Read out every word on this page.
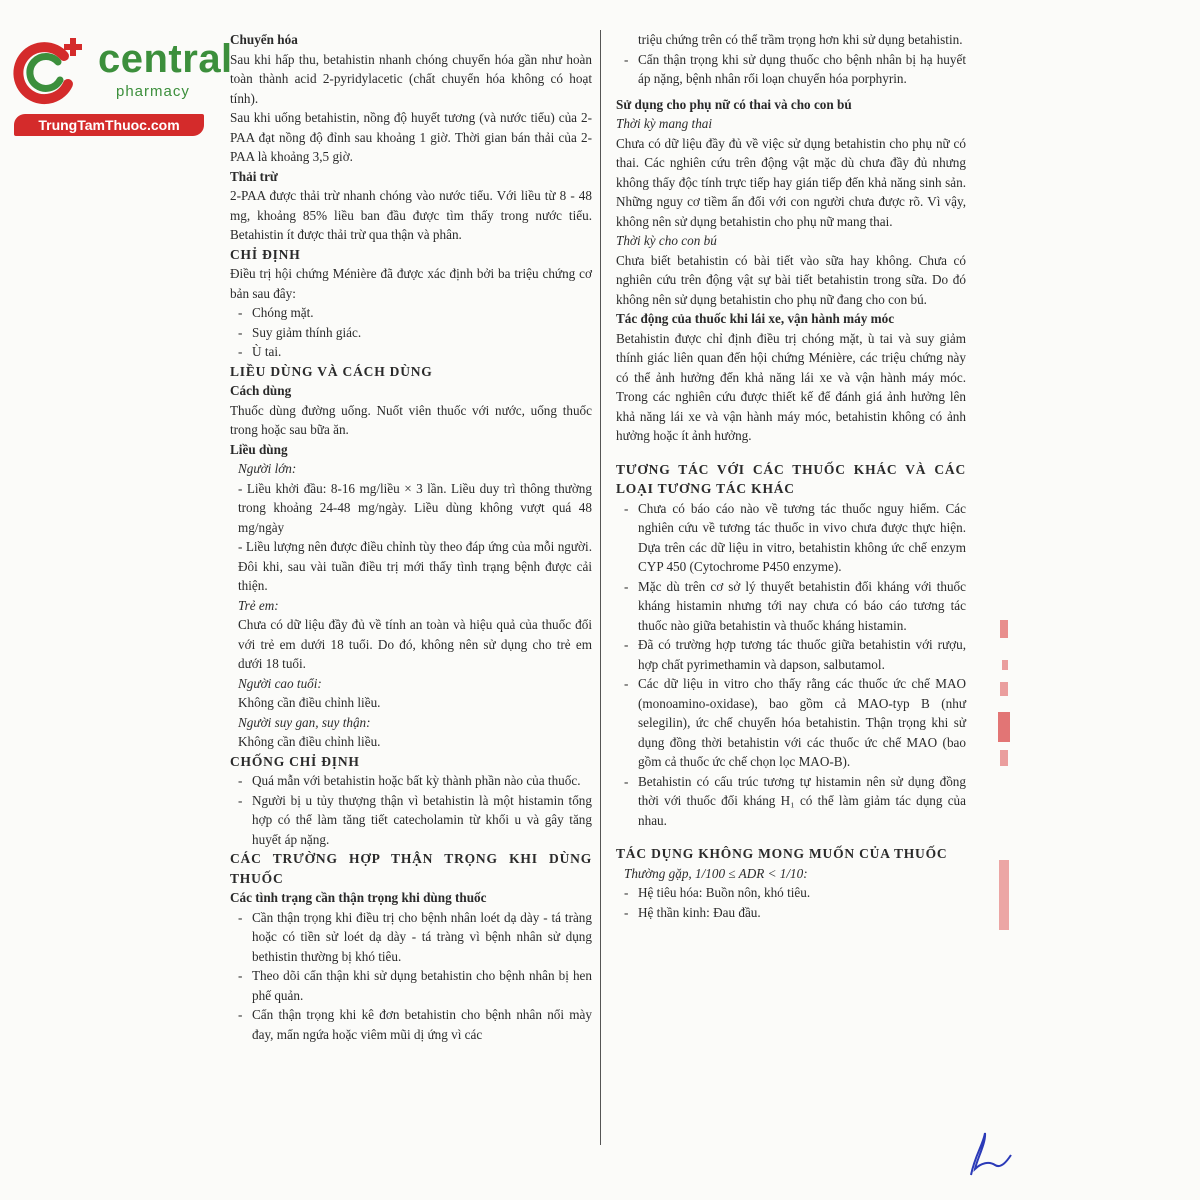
central
pharmacy
TrungTamThuoc.com

Chuyển hóa

Sau khi hấp thu, betahistin nhanh chóng chuyển hóa gần như hoàn toàn thành acid 2-pyridylacetic (chất chuyển hóa không có hoạt tính).

Sau khi uống betahistin, nồng độ huyết tương (và nước tiểu) của 2-PAA đạt nồng độ đỉnh sau khoảng 1 giờ. Thời gian bán thải của 2-PAA là khoảng 3,5 giờ.

Thải trừ

2-PAA được thải trừ nhanh chóng vào nước tiểu. Với liều từ 8 - 48 mg, khoảng 85% liều ban đầu được tìm thấy trong nước tiểu. Betahistin ít được thải trừ qua thận và phân.

CHỈ ĐỊNH

Điều trị hội chứng Ménière đã được xác định bởi ba triệu chứng cơ bản sau đây:

- Chóng mặt.
- Suy giảm thính giác.
- Ù tai.

LIỀU DÙNG VÀ CÁCH DÙNG

Cách dùng

Thuốc dùng đường uống. Nuốt viên thuốc với nước, uống thuốc trong hoặc sau bữa ăn.

Liều dùng

Người lớn:

- Liều khởi đầu: 8-16 mg/liều × 3 lần. Liều duy trì thông thường trong khoảng 24-48 mg/ngày. Liều dùng không vượt quá 48 mg/ngày

- Liều lượng nên được điều chỉnh tùy theo đáp ứng của mỗi người. Đôi khi, sau vài tuần điều trị mới thấy tình trạng bệnh được cải thiện.

Trẻ em:

Chưa có dữ liệu đầy đủ về tính an toàn và hiệu quả của thuốc đối với trẻ em dưới 18 tuổi. Do đó, không nên sử dụng cho trẻ em dưới 18 tuổi.

Người cao tuổi:

Không cần điều chỉnh liều.

Người suy gan, suy thận:

Không cần điều chỉnh liều.

CHỐNG CHỈ ĐỊNH

- Quá mẫn với betahistin hoặc bất kỳ thành phần nào của thuốc.
- Người bị u tủy thượng thận vì betahistin là một histamin tổng hợp có thể làm tăng tiết catecholamin từ khối u và gây tăng huyết áp nặng.

CÁC TRƯỜNG HỢP THẬN TRỌNG KHI DÙNG THUỐC

Các tình trạng cần thận trọng khi dùng thuốc

- Cần thận trọng khi điều trị cho bệnh nhân loét dạ dày - tá tràng hoặc có tiền sử loét dạ dày - tá tràng vì bệnh nhân sử dụng bethistin thường bị khó tiêu.
- Theo dõi cẩn thận khi sử dụng betahistin cho bệnh nhân bị hen phế quản.
- Cẩn thận trọng khi kê đơn betahistin cho bệnh nhân nổi mày đay, mẩn ngứa hoặc viêm mũi dị ứng vì các

triệu chứng trên có thể trầm trọng hơn khi sử dụng betahistin.

- Cẩn thận trọng khi sử dụng thuốc cho bệnh nhân bị hạ huyết áp nặng, bệnh nhân rối loạn chuyển hóa porphyrin.

Sử dụng cho phụ nữ có thai và cho con bú

Thời kỳ mang thai

Chưa có dữ liệu đầy đủ về việc sử dụng betahistin cho phụ nữ có thai. Các nghiên cứu trên động vật mặc dù chưa đầy đủ nhưng không thấy độc tính trực tiếp hay gián tiếp đến khả năng sinh sản. Những nguy cơ tiềm ẩn đối với con người chưa được rõ. Vì vậy, không nên sử dụng betahistin cho phụ nữ mang thai.

Thời kỳ cho con bú

Chưa biết betahistin có bài tiết vào sữa hay không. Chưa có nghiên cứu trên động vật sự bài tiết betahistin trong sữa. Do đó không nên sử dụng betahistin cho phụ nữ đang cho con bú.

Tác động của thuốc khi lái xe, vận hành máy móc

Betahistin được chỉ định điều trị chóng mặt, ù tai và suy giảm thính giác liên quan đến hội chứng Ménière, các triệu chứng này có thể ảnh hưởng đến khả năng lái xe và vận hành máy móc. Trong các nghiên cứu được thiết kế để đánh giá ảnh hưởng lên khả năng lái xe và vận hành máy móc, betahistin không có ảnh hưởng hoặc ít ảnh hưởng.

TƯƠNG TÁC VỚI CÁC THUỐC KHÁC VÀ CÁC LOẠI TƯƠNG TÁC KHÁC

- Chưa có báo cáo nào về tương tác thuốc nguy hiểm. Các nghiên cứu về tương tác thuốc in vivo chưa được thực hiện. Dựa trên các dữ liệu in vitro, betahistin không ức chế enzym CYP 450 (Cytochrome P450 enzyme).
- Mặc dù trên cơ sở lý thuyết betahistin đối kháng với thuốc kháng histamin nhưng tới nay chưa có báo cáo tương tác thuốc nào giữa betahistin và thuốc kháng histamin.
- Đã có trường hợp tương tác thuốc giữa betahistin với rượu, hợp chất pyrimethamin và dapson, salbutamol.
- Các dữ liệu in vitro cho thấy rằng các thuốc ức chế MAO (monoamino-oxidase), bao gồm cả MAO-typ B (như selegilin), ức chế chuyển hóa betahistin. Thận trọng khi sử dụng đồng thời betahistin với các thuốc ức chế MAO (bao gồm cả thuốc ức chế chọn lọc MAO-B).
- Betahistin có cấu trúc tương tự histamin nên sử dụng đồng thời với thuốc đối kháng H₁ có thể làm giảm tác dụng của nhau.

TÁC DỤNG KHÔNG MONG MUỐN CỦA THUỐC

Thường gặp, 1/100 ≤ ADR < 1/10:

- Hệ tiêu hóa: Buồn nôn, khó tiêu.
- Hệ thần kinh: Đau đầu.
